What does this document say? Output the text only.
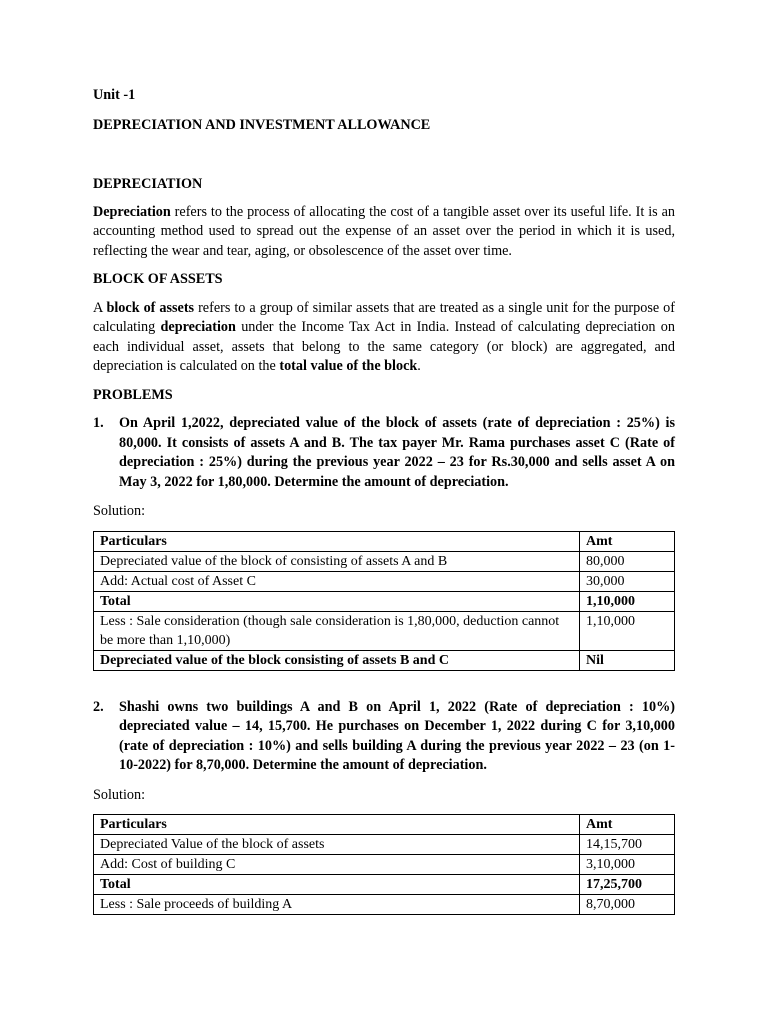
Unit -1
DEPRECIATION AND INVESTMENT ALLOWANCE
DEPRECIATION

Depreciation refers to the process of allocating the cost of a tangible asset over its useful life. It is an accounting method used to spread out the expense of an asset over the period in which it is used, reflecting the wear and tear, aging, or obsolescence of the asset over time.

BLOCK OF ASSETS

A block of assets refers to a group of similar assets that are treated as a single unit for the purpose of calculating depreciation under the Income Tax Act in India. Instead of calculating depreciation on each individual asset, assets that belong to the same category (or block) are aggregated, and depreciation is calculated on the total value of the block.

PROBLEMS
1. On April 1,2022, depreciated value of the block of assets (rate of depreciation : 25%) is 80,000. It consists of assets A and B. The tax payer Mr. Rama purchases asset C (Rate of depreciation : 25%) during the previous year 2022 – 23 for Rs.30,000 and sells asset A on May 3, 2022 for 1,80,000. Determine the amount of depreciation.
Solution:
Particulars	Amt
Depreciated value of the block of consisting of assets A and B	80,000
Add: Actual cost of Asset C	30,000
Total	1,10,000
Less : Sale consideration (though sale consideration is 1,80,000, deduction cannot be more than 1,10,000)	1,10,000
Depreciated value of the block consisting of assets B and C	Nil
2. Shashi owns two buildings A and B on April 1, 2022 (Rate of depreciation : 10%) depreciated value – 14, 15,700. He purchases on December 1, 2022 during C for 3,10,000 (rate of depreciation : 10%) and sells building A during the previous year 2022 – 23 (on 1-10-2022) for 8,70,000. Determine the amount of depreciation.
Solution:
Particulars	Amt
Depreciated Value of the block of assets	14,15,700
Add: Cost of building C	3,10,000
Total	17,25,700
Less : Sale proceeds of building A	8,70,000
